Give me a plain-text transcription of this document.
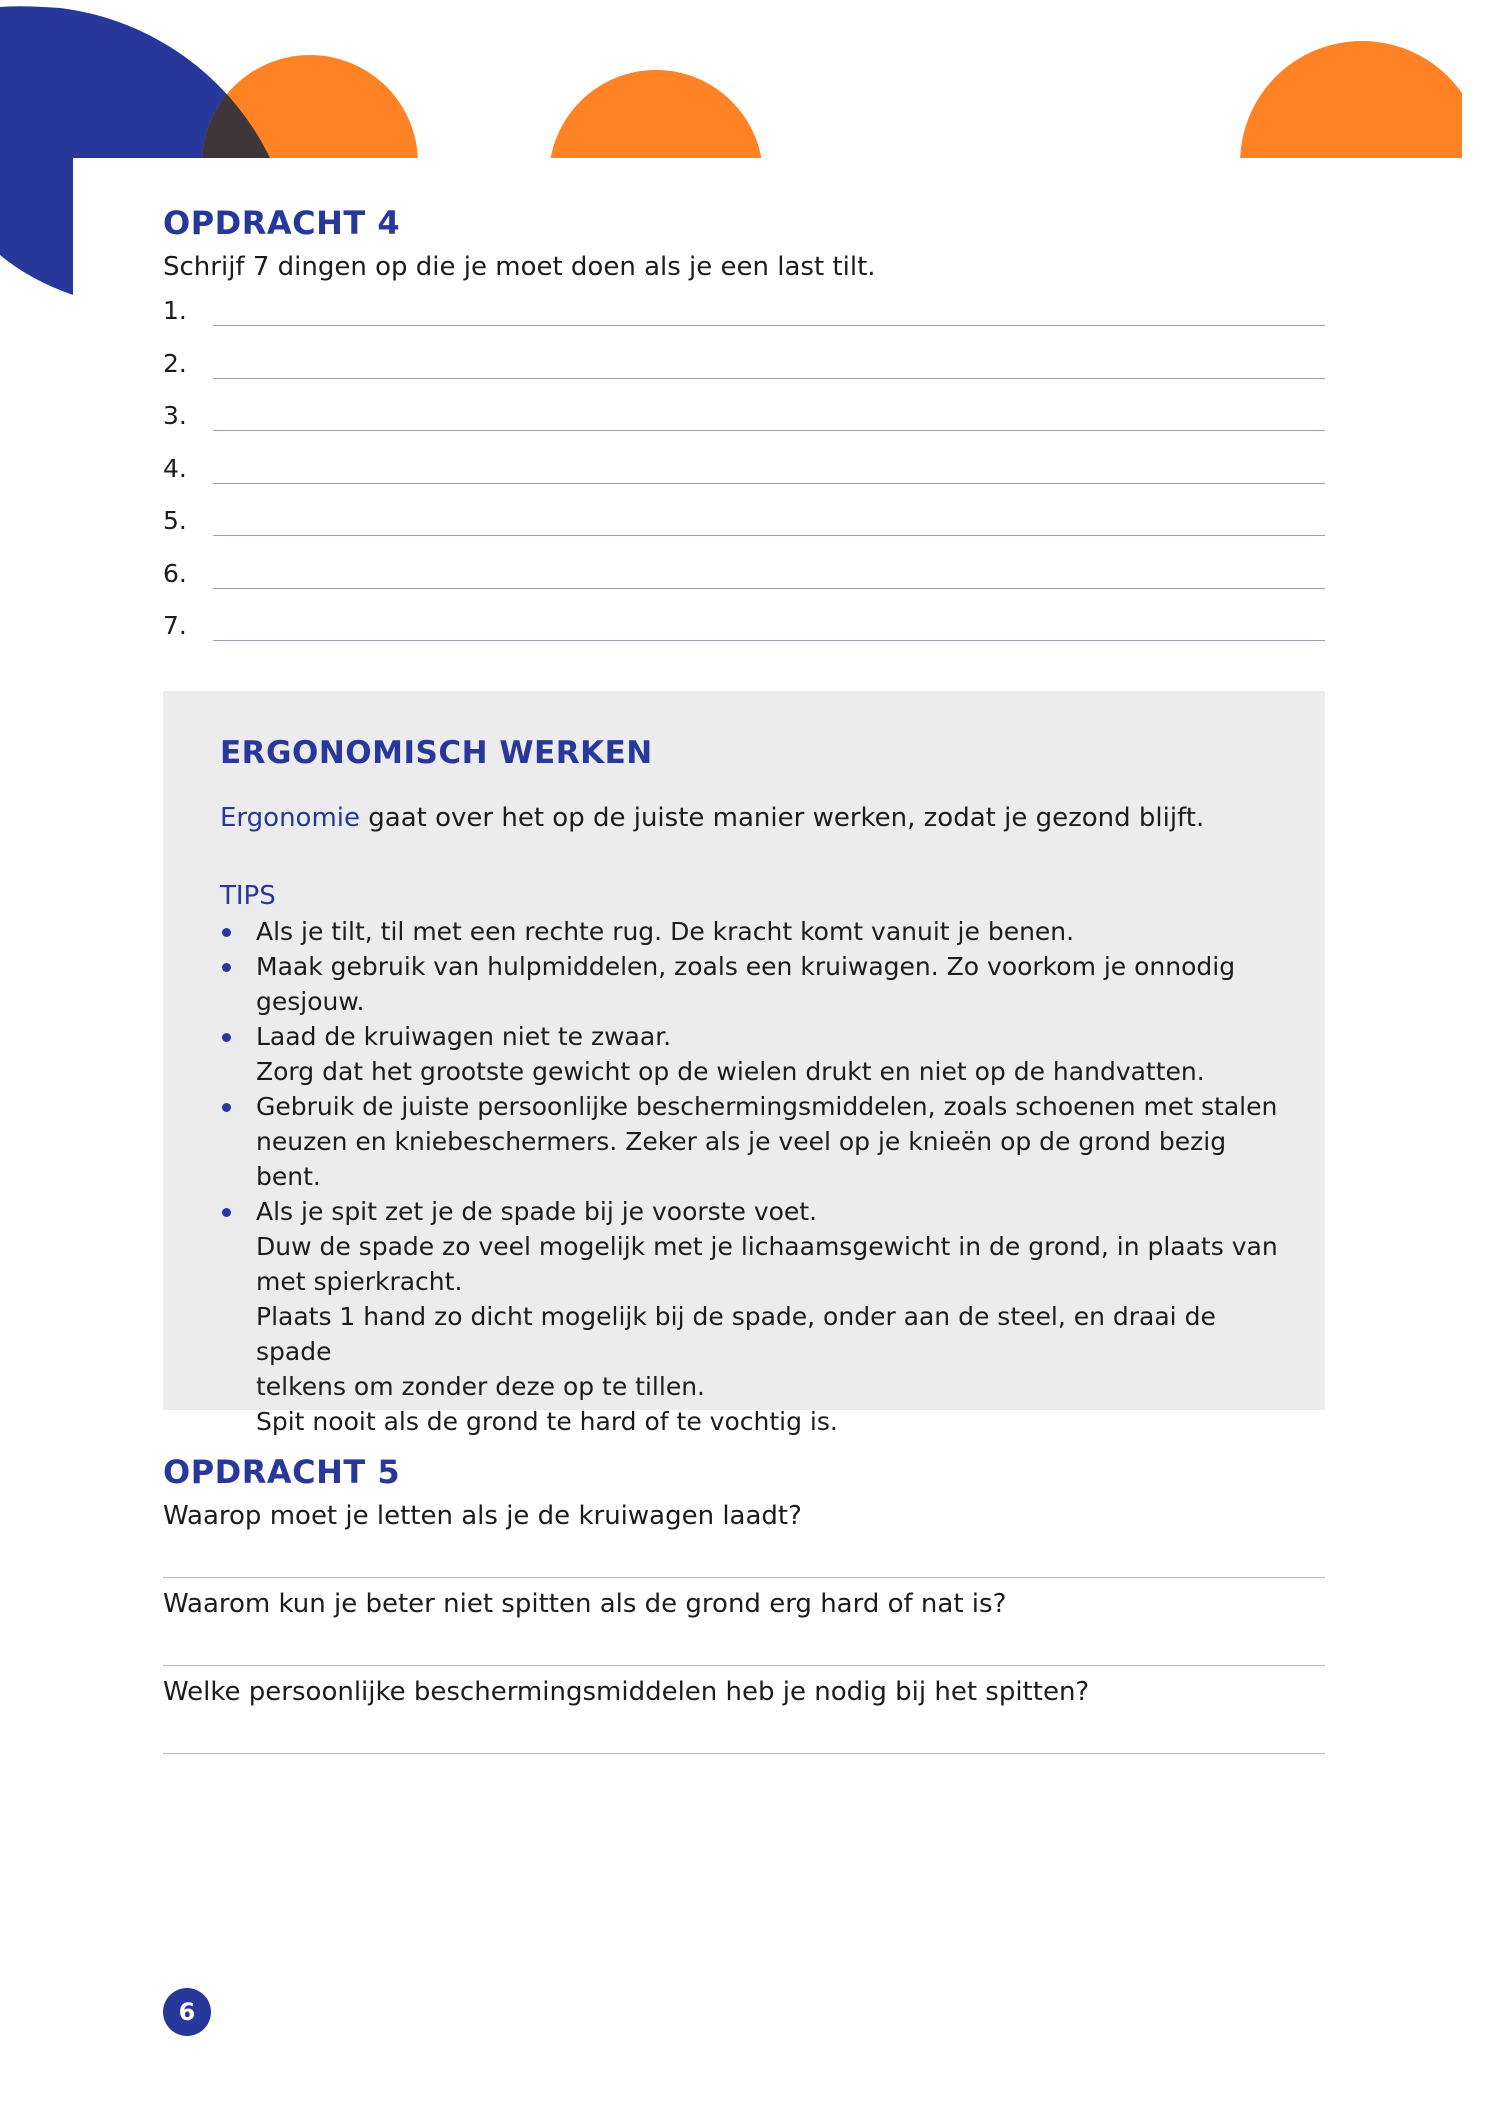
OPDRACHT 4

Schrijf 7 dingen op die je moet doen als je een last tilt.

1.
2.
3.
4.
5.
6.
7.
ERGONOMISCH WERKEN

Ergonomie gaat over het op de juiste manier werken, zodat je gezond blijft.

TIPS
Als je tilt, til met een rechte rug. De kracht komt vanuit je benen.
Maak gebruik van hulpmiddelen, zoals een kruiwagen. Zo voorkom je onnodig
gesjouw.
Laad de kruiwagen niet te zwaar.
Zorg dat het grootste gewicht op de wielen drukt en niet op de handvatten.
Gebruik de juiste persoonlijke beschermingsmiddelen, zoals schoenen met stalen
neuzen en kniebeschermers. Zeker als je veel op je knieën op de grond bezig bent.
Als je spit zet je de spade bij je voorste voet.
Duw de spade zo veel mogelijk met je lichaamsgewicht in de grond, in plaats van
met spierkracht.
Plaats 1 hand zo dicht mogelijk bij de spade, onder aan de steel, en draai de spade
telkens om zonder deze op te tillen.
Spit nooit als de grond te hard of te vochtig is.
OPDRACHT 5

Waarop moet je letten als je de kruiwagen laadt?

Waarom kun je beter niet spitten als de grond erg hard of nat is?

Welke persoonlijke beschermingsmiddelen heb je nodig bij het spitten?

6
